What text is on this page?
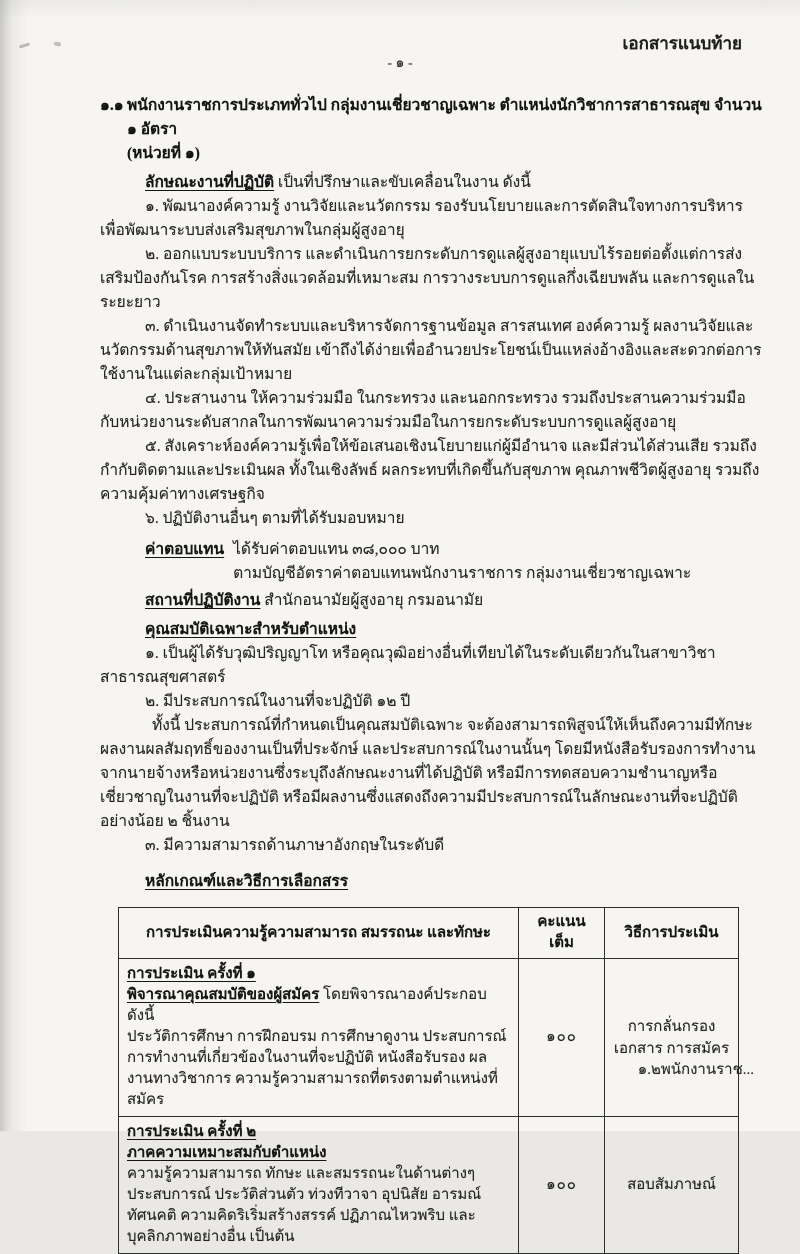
เอกสารแนบท้าย
- ๑ -
๑.๑ พนักงานราชการประเภททั่วไป กลุ่มงานเชี่ยวชาญเฉพาะ ตำแหน่งนักวิชาการสาธารณสุข จำนวน ๑ อัตรา
(หน่วยที่ ๑)

ลักษณะงานที่ปฏิบัติ เป็นที่ปรึกษาและขับเคลื่อนในงาน ดังนี้

๑. พัฒนาองค์ความรู้ งานวิจัยและนวัตกรรม รองรับนโยบายและการตัดสินใจทางการบริหาร เพื่อพัฒนาระบบส่งเสริมสุขภาพในกลุ่มผู้สูงอายุ

๒. ออกแบบระบบบริการ และดำเนินการยกระดับการดูแลผู้สูงอายุแบบไร้รอยต่อตั้งแต่การส่งเสริมป้องกันโรค การสร้างสิ่งแวดล้อมที่เหมาะสม การวางระบบการดูแลกึ่งเฉียบพลัน และการดูแลในระยะยาว

๓. ดำเนินงานจัดทำระบบและบริหารจัดการฐานข้อมูล สารสนเทศ องค์ความรู้ ผลงานวิจัยและนวัตกรรมด้านสุขภาพให้ทันสมัย เข้าถึงได้ง่ายเพื่ออำนวยประโยชน์เป็นแหล่งอ้างอิงและสะดวกต่อการใช้งานในแต่ละกลุ่มเป้าหมาย

๔. ประสานงาน ให้ความร่วมมือ ในกระทรวง และนอกกระทรวง รวมถึงประสานความร่วมมือกับหน่วยงานระดับสากลในการพัฒนาความร่วมมือในการยกระดับระบบการดูแลผู้สูงอายุ

๕. สังเคราะห์องค์ความรู้เพื่อให้ข้อเสนอเชิงนโยบายแก่ผู้มีอำนาจ และมีส่วนได้ส่วนเสีย รวมถึงกำกับติดตามและประเมินผล ทั้งในเชิงลัพธ์ ผลกระทบที่เกิดขึ้นกับสุขภาพ คุณภาพชีวิตผู้สูงอายุ รวมถึงความคุ้มค่าทางเศรษฐกิจ

๖. ปฏิบัติงานอื่นๆ ตามที่ได้รับมอบหมาย

ค่าตอบแทน ได้รับค่าตอบแทน ๓๘,๐๐๐ บาท
ตามบัญชีอัตราค่าตอบแทนพนักงานราชการ กลุ่มงานเชี่ยวชาญเฉพาะ

สถานที่ปฏิบัติงาน สำนักอนามัยผู้สูงอายุ กรมอนามัย

คุณสมบัติเฉพาะสำหรับตำแหน่ง

๑. เป็นผู้ได้รับวุฒิปริญญาโท หรือคุณวุฒิอย่างอื่นที่เทียบได้ในระดับเดียวกันในสาขาวิชาสาธารณสุขศาสตร์

๒. มีประสบการณ์ในงานที่จะปฏิบัติ ๑๒ ปี

ทั้งนี้ ประสบการณ์ที่กำหนดเป็นคุณสมบัติเฉพาะ จะต้องสามารถพิสูจน์ให้เห็นถึงความมีทักษะ ผลงานผลสัมฤทธิ์ของงานเป็นที่ประจักษ์ และประสบการณ์ในงานนั้นๆ โดยมีหนังสือรับรองการทำงานจากนายจ้างหรือหน่วยงานซึ่งระบุถึงลักษณะงานที่ได้ปฏิบัติ หรือมีการทดสอบความชำนาญหรือเชี่ยวชาญในงานที่จะปฏิบัติ หรือมีผลงานซึ่งแสดงถึงความมีประสบการณ์ในลักษณะงานที่จะปฏิบัติอย่างน้อย ๒ ชิ้นงาน

๓. มีความสามารถด้านภาษาอังกฤษในระดับดี

หลักเกณฑ์และวิธีการเลือกสรร

การประเมินความรู้ความสามารถ สมรรถนะ และทักษะ	คะแนนเต็ม	วิธีการประเมิน

การประเมิน ครั้งที่ ๑

พิจารณาคุณสมบัติของผู้สมัคร โดยพิจารณาองค์ประกอบ ดังนี้

ประวัติการศึกษา การฝึกอบรม การศึกษาดูงาน ประสบการณ์การทำงานที่เกี่ยวข้องในงานที่จะปฏิบัติ หนังสือรับรอง ผลงานทางวิชาการ ความรู้ความสามารถที่ตรงตามตำแหน่งที่สมัคร	๑๐๐	การกลั่นกรองเอกสาร การสมัคร

การประเมิน ครั้งที่ ๒

ภาคความเหมาะสมกับตำแหน่ง

ความรู้ความสามารถ ทักษะ และสมรรถนะในด้านต่างๆ ประสบการณ์ ประวัติส่วนตัว ท่วงทีวาจา อุปนิสัย อารมณ์ ทัศนคติ ความคิดริเริ่มสร้างสรรค์ ปฏิภาณไหวพริบ และบุคลิกภาพอย่างอื่น เป็นต้น	๑๐๐	สอบสัมภาษณ์
๑.๒พนักงานราช...
